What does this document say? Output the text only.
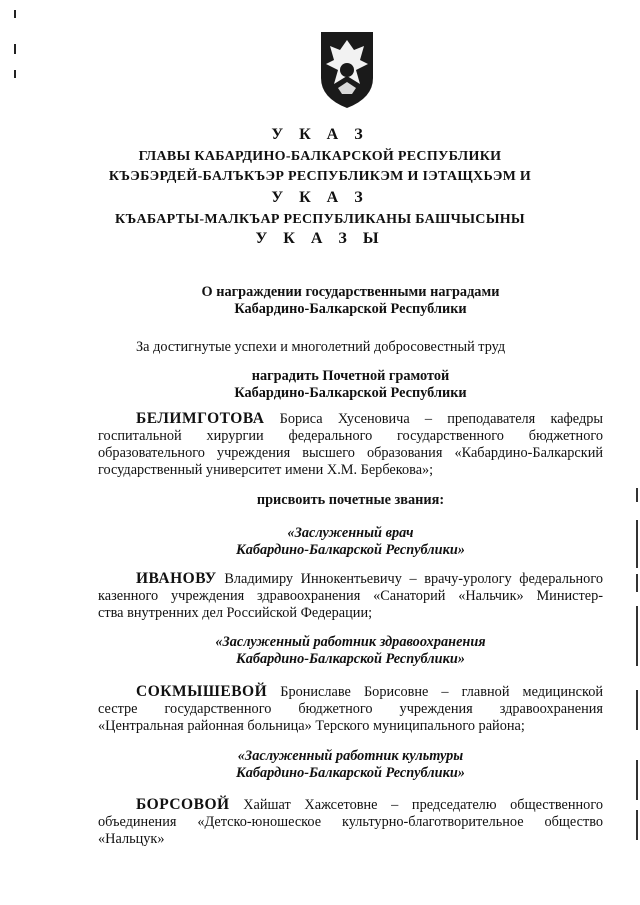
У К А З
ГЛАВЫ КАБАРДИНО-БАЛКАРСКОЙ РЕСПУБЛИКИ
КЪЭБЭРДЕЙ-БАЛЪКЪЭР РЕСПУБЛИКЭМ И IЭТАЩХЬЭМ И
У К А З
КЪАБАРТЫ-МАЛКЪАР РЕСПУБЛИКАНЫ БАШЧЫСЫНЫ
У К А З Ы
О награждении государственными наградами
Кабардино-Балкарской Республики
За достигнутые успехи и многолетний добросовестный труд
наградить Почетной грамотой
Кабардино-Балкарской Республики
БЕЛИМГОТОВА Бориса Хусеновича – преподавателя кафедры
госпитальной хирургии федерального государственного бюджетного
образовательного учреждения высшего образования «Кабардино-Балкарский
государственный университет имени Х.М. Бербекова»;
присвоить почетные звания:
«Заслуженный врач
Кабардино-Балкарской Республики»
ИВАНОВУ Владимиру Иннокентьевичу – врачу-урологу федерального
казенного учреждения здравоохранения «Санаторий «Нальчик» Министер-
ства внутренних дел Российской Федерации;
«Заслуженный работник здравоохранения
Кабардино-Балкарской Республики»
СОКМЫШЕВОЙ Брониславе Борисовне – главной медицинской
сестре государственного бюджетного учреждения здравоохранения
«Центральная районная больница» Терского муниципального района;
«Заслуженный работник культуры
Кабардино-Балкарской Республики»
БОРСОВОЙ Хайшат Хажсетовне – председателю общественного
объединения «Детско-юношеское культурно-благотворительное общество
«Нальцук»
